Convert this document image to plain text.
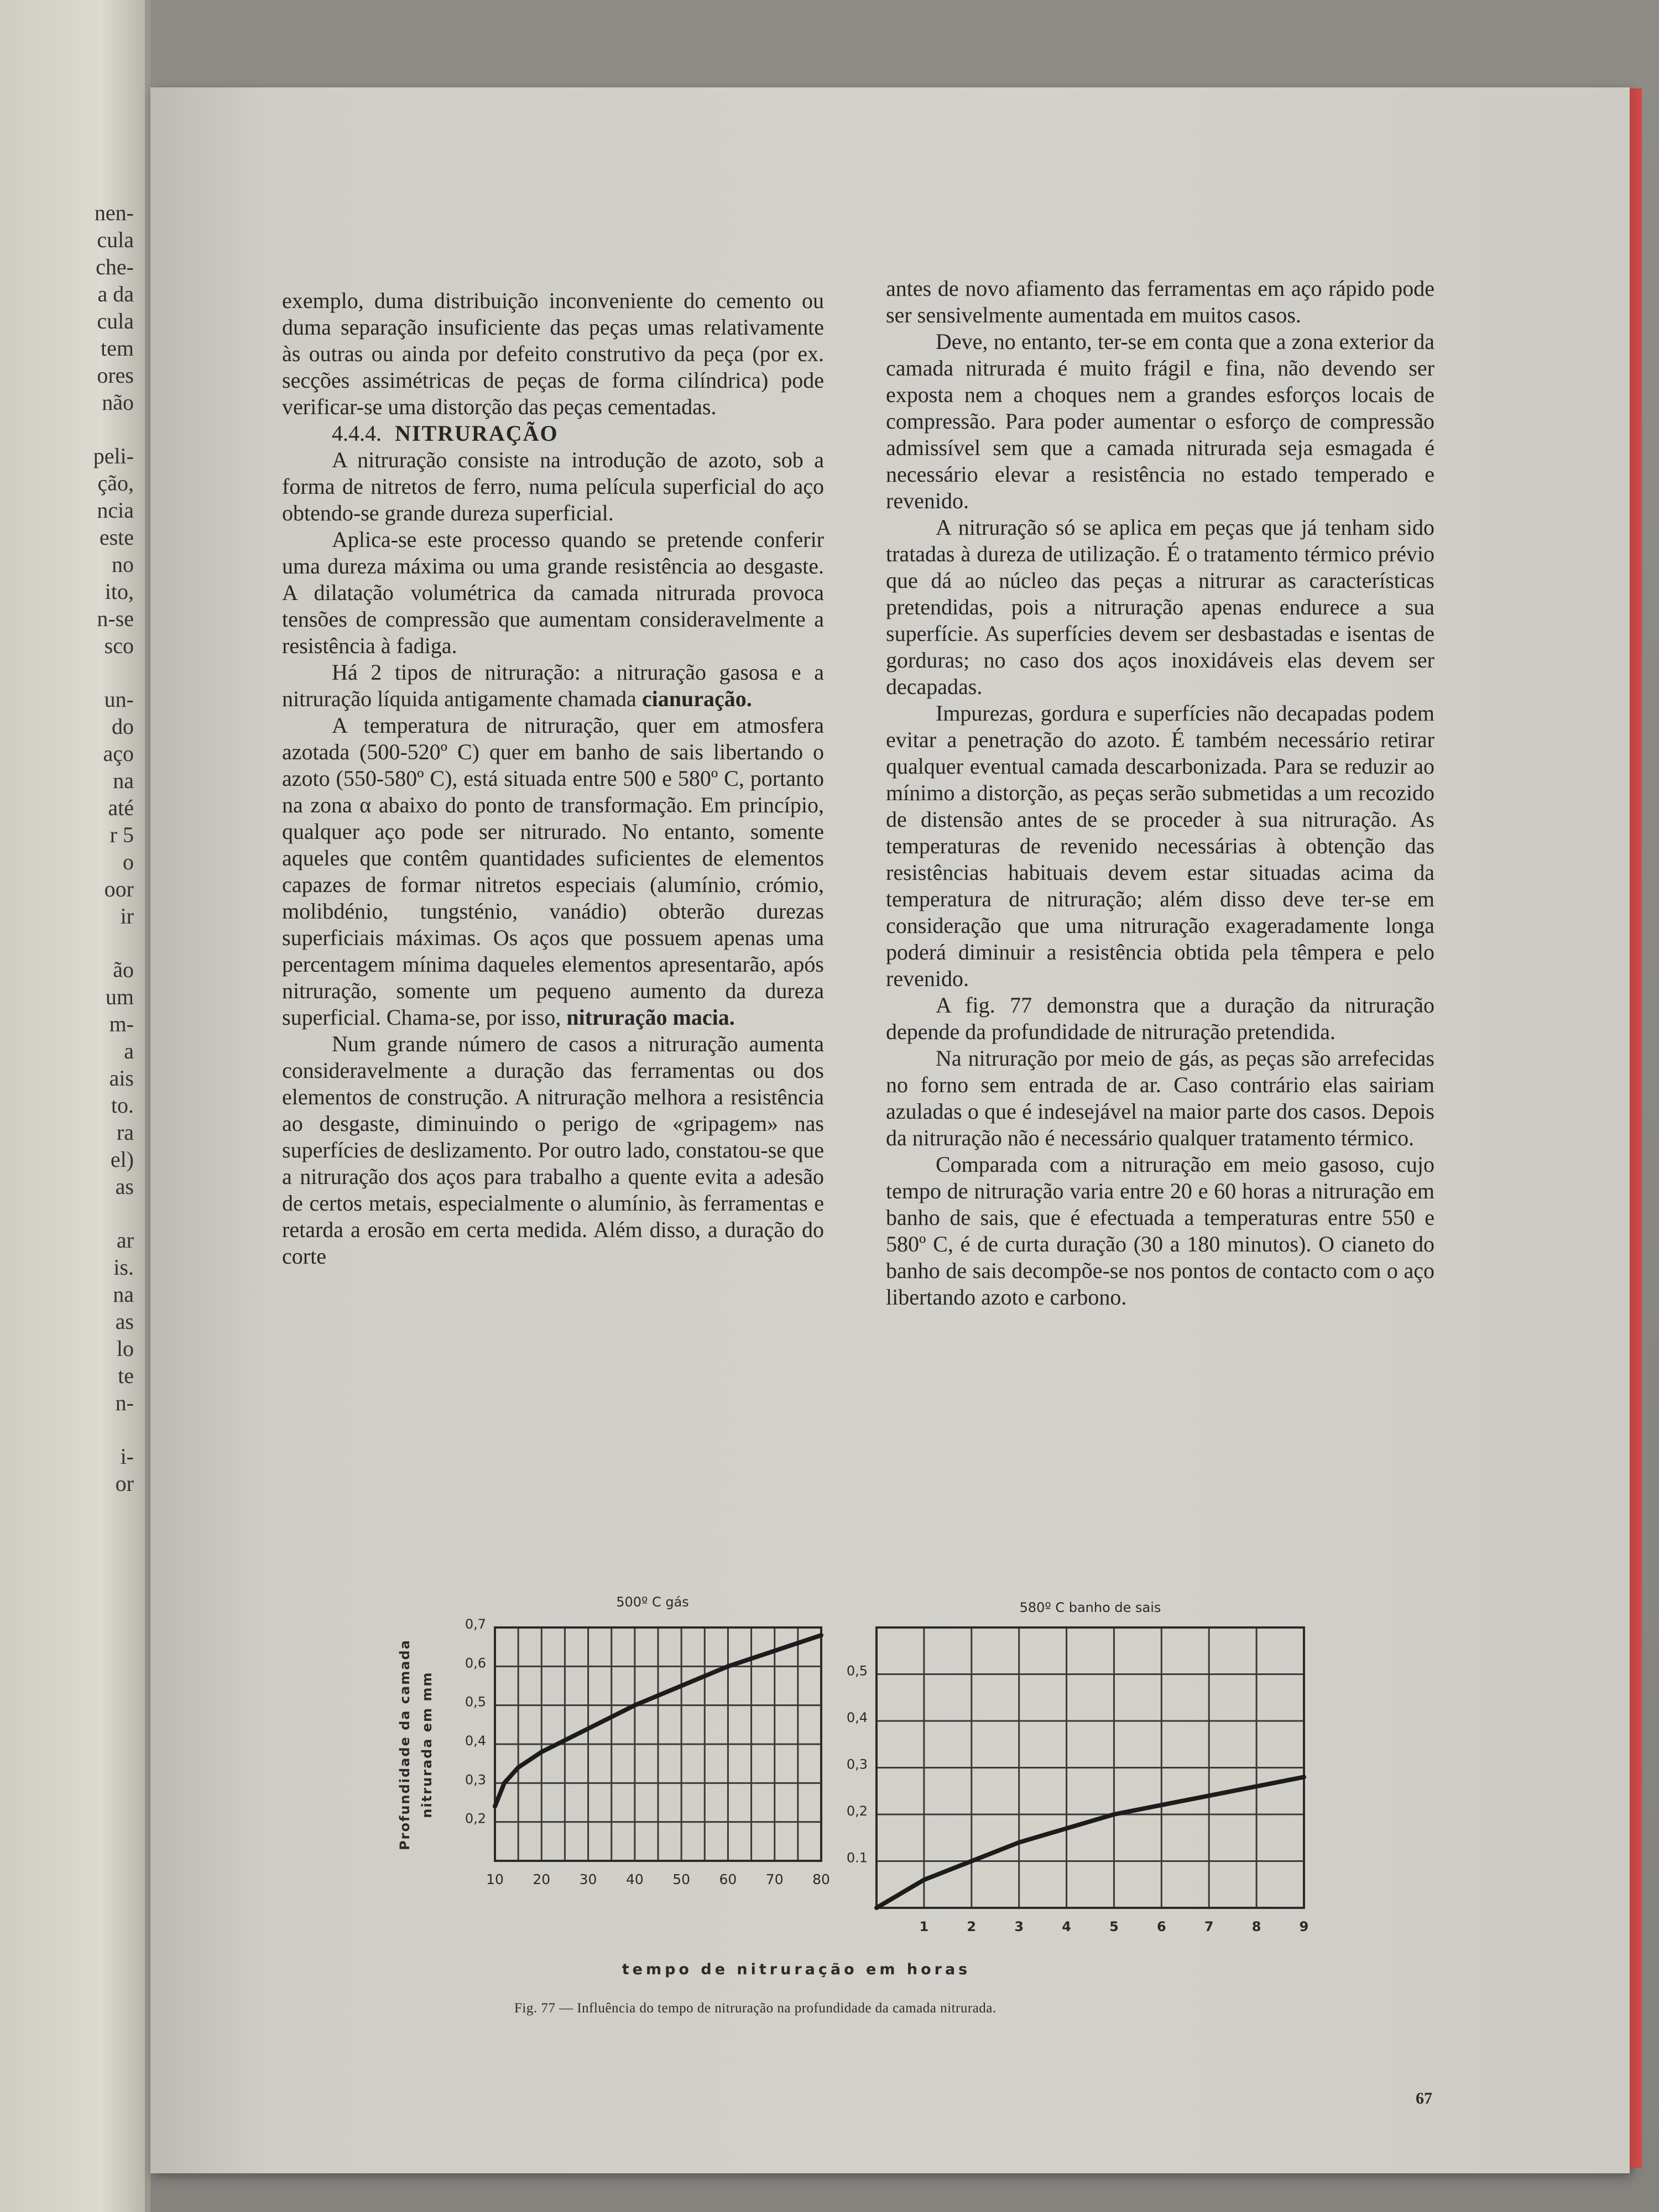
nen-
cula
che-
a da
cula
tem
ores
não
peli-
ção,
ncia
este
no
ito,
n-se
sco
un-
do
aço
na
até
r 5
o
oor
ir
ão
um
m-
a
ais
to.
ra
el)
as
ar
is.
na
as
lo
te
n-
i-
or

exemplo, duma distribuição inconveniente do cemento ou duma separação insuficiente das peças umas relativamente às outras ou ainda por defeito construtivo da peça (por ex. secções assimétricas de peças de forma cilíndrica) pode verificar-se uma distorção das peças cementadas.

4.4.4. NITRURAÇÃO

A nitruração consiste na introdução de azoto, sob a forma de nitretos de ferro, numa película superficial do aço obtendo-se grande dureza superficial.

Aplica-se este processo quando se pretende conferir uma dureza máxima ou uma grande resistência ao desgaste. A dilatação volumétrica da camada nitrurada provoca tensões de compressão que aumentam consideravelmente a resistência à fadiga.

Há 2 tipos de nitruração: a nitruração gasosa e a nitruração líquida antigamente chamada cianuração.

A temperatura de nitruração, quer em atmosfera azotada (500-520º C) quer em banho de sais libertando o azoto (550-580º C), está situada entre 500 e 580º C, portanto na zona α abaixo do ponto de transformação. Em princípio, qualquer aço pode ser nitrurado. No entanto, somente aqueles que contêm quantidades suficientes de elementos capazes de formar nitretos especiais (alumínio, crómio, molibdénio, tungsténio, vanádio) obterão durezas superficiais máximas. Os aços que possuem apenas uma percentagem mínima daqueles elementos apresentarão, após nitruração, somente um pequeno aumento da dureza superficial. Chama-se, por isso, nitruração macia.

Num grande número de casos a nitruração aumenta consideravelmente a duração das ferramentas ou dos elementos de construção. A nitruração melhora a resistência ao desgaste, diminuindo o perigo de «gripagem» nas superfícies de deslizamento. Por outro lado, constatou-se que a nitruração dos aços para trabalho a quente evita a adesão de certos metais, especialmente o alumínio, às ferramentas e retarda a erosão em certa medida. Além disso, a duração do corte

antes de novo afiamento das ferramentas em aço rápido pode ser sensivelmente aumentada em muitos casos.

Deve, no entanto, ter-se em conta que a zona exterior da camada nitrurada é muito frágil e fina, não devendo ser exposta nem a choques nem a grandes esforços locais de compressão. Para poder aumentar o esforço de compressão admissível sem que a camada nitrurada seja esmagada é necessário elevar a resistência no estado temperado e revenido.

A nitruração só se aplica em peças que já tenham sido tratadas à dureza de utilização. É o tratamento térmico prévio que dá ao núcleo das peças a nitrurar as características pretendidas, pois a nitruração apenas endurece a sua superfície. As superfícies devem ser desbastadas e isentas de gorduras; no caso dos aços inoxidáveis elas devem ser decapadas.

Impurezas, gordura e superfícies não decapadas podem evitar a penetração do azoto. É também necessário retirar qualquer eventual camada descarbonizada. Para se reduzir ao mínimo a distorção, as peças serão submetidas a um recozido de distensão antes de se proceder à sua nitruração. As temperaturas de revenido necessárias à obtenção das resistências habituais devem estar situadas acima da temperatura de nitruração; além disso deve ter-se em consideração que uma nitruração exageradamente longa poderá diminuir a resistência obtida pela têmpera e pelo revenido.

A fig. 77 demonstra que a duração da nitruração depende da profundidade de nitruração pretendida.

Na nitruração por meio de gás, as peças são arrefecidas no forno sem entrada de ar. Caso contrário elas sairiam azuladas o que é indesejável na maior parte dos casos. Depois da nitruração não é necessário qualquer tratamento térmico.

Comparada com a nitruração em meio gasoso, cujo tempo de nitruração varia entre 20 e 60 horas a nitruração em banho de sais, que é efectuada a temperaturas entre 550 e 580º C, é de curta duração (30 a 180 minutos). O cianeto do banho de sais decompõe-se nos pontos de contacto com o aço libertando azoto e carbono.

10 20 30 40 50 60 70 80
0,2
0,3
0,4
0,5
0,6
0,7
500º C gás
Profundidade da camada nitrurada em mm
1	2	3	4	5	6	7	8	9
0.1
0,2
0,3
0,4
0,5
580º C banho de sais
tempo de nitruração em horas
Fig. 77 — Influência do tempo de nitruração na profundidade da camada nitrurada.
67
